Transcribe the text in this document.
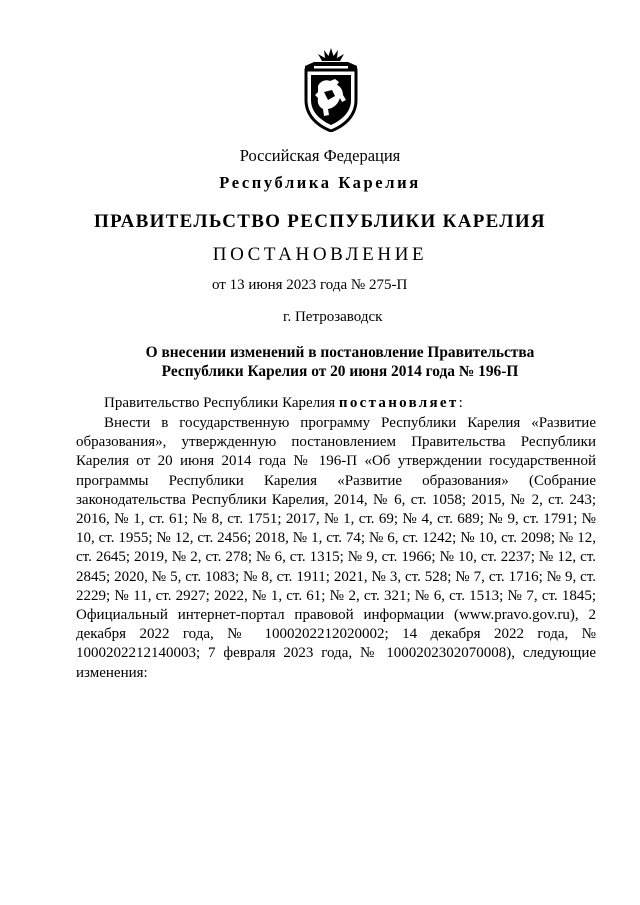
Российская Федерация
Республика Карелия
ПРАВИТЕЛЬСТВО РЕСПУБЛИКИ КАРЕЛИЯ
ПОСТАНОВЛЕНИЕ
от 13 июня 2023 года № 275-П
г. Петрозаводск
О внесении изменений в постановление Правительства
Республики Карелия от 20 июня 2014 года № 196-П
Правительство Республики Карелия постановляет:

Внести в государственную программу Республики Карелия «Развитие образования», утвержденную постановлением Правительства Республики Карелия от 20 июня 2014 года № 196-П «Об утверждении государственной программы Республики Карелия «Развитие образования» (Собрание законодательства Республики Карелия, 2014, № 6, ст. 1058; 2015, № 2, ст. 243; 2016, № 1, ст. 61; № 8, ст. 1751; 2017, № 1, ст. 69; № 4, ст. 689; № 9, ст. 1791; № 10, ст. 1955; № 12, ст. 2456; 2018, № 1, ст. 74; № 6, ст. 1242; № 10, ст. 2098; № 12, ст. 2645; 2019, № 2, ст. 278; № 6, ст. 1315; № 9, ст. 1966; № 10, ст. 2237; № 12, ст. 2845; 2020, № 5, ст. 1083; № 8, ст. 1911; 2021, № 3, ст. 528; № 7, ст. 1716; № 9, ст. 2229; № 11, ст. 2927; 2022, № 1, ст. 61; № 2, ст. 321; № 6, ст. 1513; № 7, ст. 1845; Официальный интернет-портал правовой информации (www.pravo.gov.ru), 2 декабря 2022 года, № 1000202212020002; 14 декабря 2022 года, № 1000202212140003; 7 февраля 2023 года, № 1000202302070008), следующие изменения:
